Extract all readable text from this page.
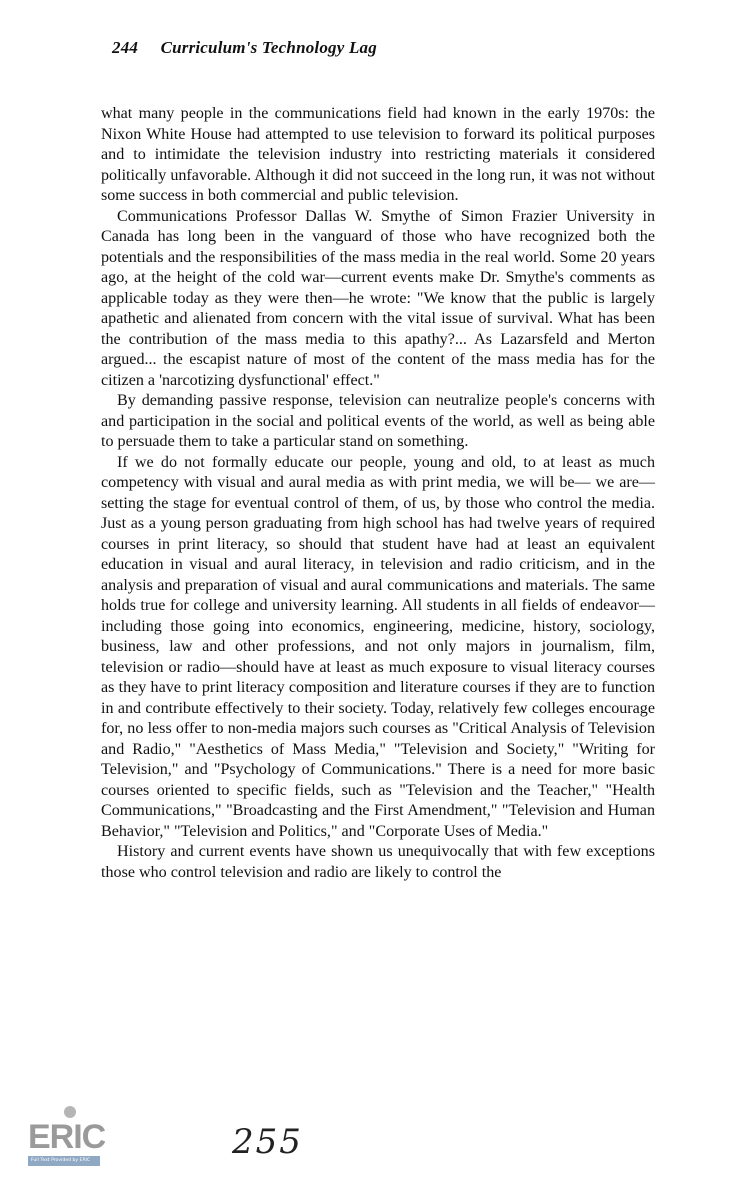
244 Curriculum's Technology Lag

what many people in the communications field had known in the early 1970s: the Nixon White House had attempted to use television to forward its political purposes and to intimidate the television industry into restricting materials it considered politically unfavorable. Although it did not succeed in the long run, it was not without some success in both commercial and public television.

Communications Professor Dallas W. Smythe of Simon Frazier University in Canada has long been in the vanguard of those who have recognized both the potentials and the responsibilities of the mass media in the real world. Some 20 years ago, at the height of the cold war—current events make Dr. Smythe's comments as applicable today as they were then—he wrote: "We know that the public is largely apathetic and alienated from concern with the vital issue of survival. What has been the contribution of the mass media to this apathy?... As Lazarsfeld and Merton argued... the escapist nature of most of the content of the mass media has for the citizen a 'narcotizing dysfunctional' effect."

By demanding passive response, television can neutralize people's concerns with and participation in the social and political events of the world, as well as being able to persuade them to take a particular stand on something.

If we do not formally educate our people, young and old, to at least as much competency with visual and aural media as with print media, we will be— we are—setting the stage for eventual control of them, of us, by those who control the media. Just as a young person graduating from high school has had twelve years of required courses in print literacy, so should that student have had at least an equivalent education in visual and aural literacy, in television and radio criticism, and in the analysis and preparation of visual and aural communications and materials. The same holds true for college and university learning. All students in all fields of endeavor—including those going into economics, engineering, medicine, history, sociology, business, law and other professions, and not only majors in journalism, film, television or radio—should have at least as much exposure to visual literacy courses as they have to print literacy composition and literature courses if they are to function in and contribute effectively to their society. Today, relatively few colleges encourage for, no less offer to non-media majors such courses as "Critical Analysis of Television and Radio," "Aesthetics of Mass Media," "Television and Society," "Writing for Television," and "Psychology of Communications." There is a need for more basic courses oriented to specific fields, such as "Television and the Teacher," "Health Communications," "Broadcasting and the First Amendment," "Television and Human Behavior," "Television and Politics," and "Corporate Uses of Media."

History and current events have shown us unequivocally that with few exceptions those who control television and radio are likely to control the

ERIC
Full Text Provided by ERIC	255
